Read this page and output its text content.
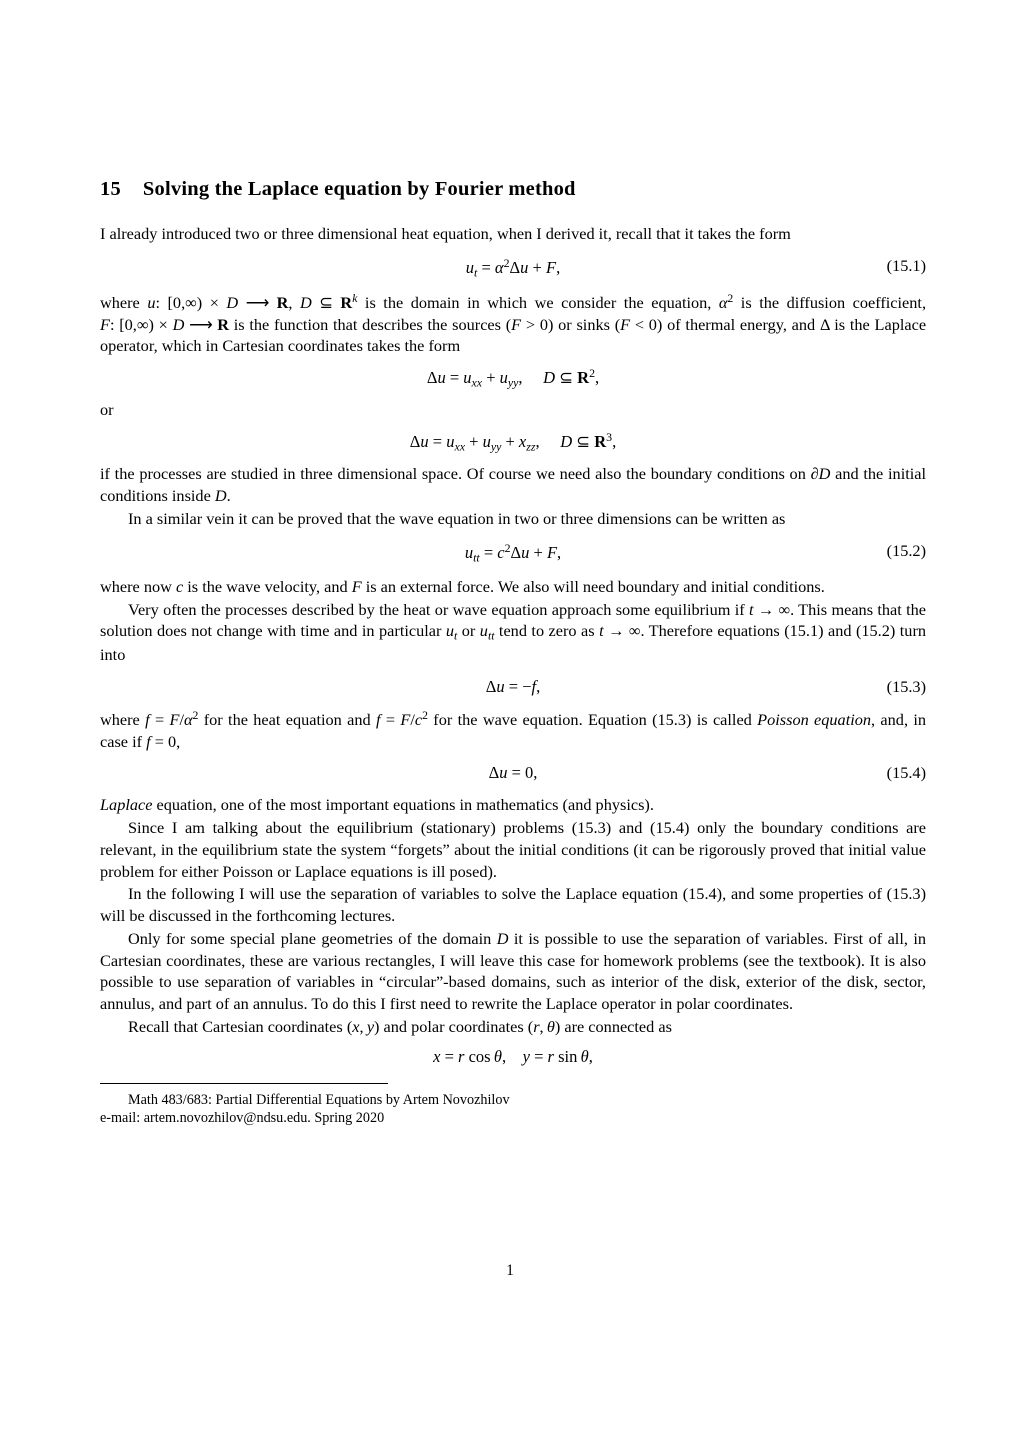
15 Solving the Laplace equation by Fourier method

I already introduced two or three dimensional heat equation, when I derived it, recall that it takes the form

$u_t = \alpha^2\Delta u + F$,	(15.1)

where u: [0,∞) × D ⟶ R, D ⊆ $R^k$ is the domain in which we consider the equation, $\alpha^2$ is the diffusion coefficient, F: [0,∞) × D ⟶ R is the function that describes the sources (F > 0) or sinks (F < 0) of thermal energy, and Δ is the Laplace operator, which in Cartesian coordinates takes the form

$\Delta u = u_{xx} + u_{yy}$,     D ⊆ $R^2$,

or

$\Delta u = u_{xx} + u_{yy} + x_{zz}$,     D ⊆ $R^3$,

if the processes are studied in three dimensional space. Of course we need also the boundary conditions on ∂D and the initial conditions inside D.

In a similar vein it can be proved that the wave equation in two or three dimensions can be written as

$u_{tt} = c^2\Delta u + F$,	(15.2)

where now c is the wave velocity, and F is an external force. We also will need boundary and initial conditions.

Very often the processes described by the heat or wave equation approach some equilibrium if t → ∞. This means that the solution does not change with time and in particular $u_t$ or $u_{tt}$ tend to zero as t → ∞. Therefore equations (15.1) and (15.2) turn into

Δu = −f,	(15.3)

where $f = F/\alpha^2$ for the heat equation and $f = F/c^2$ for the wave equation. Equation (15.3) is called Poisson equation, and, in case if f = 0,

Δu = 0,	(15.4)

Laplace equation, one of the most important equations in mathematics (and physics).

Since I am talking about the equilibrium (stationary) problems (15.3) and (15.4) only the boundary conditions are relevant, in the equilibrium state the system “forgets” about the initial conditions (it can be rigorously proved that initial value problem for either Poisson or Laplace equations is ill posed).

In the following I will use the separation of variables to solve the Laplace equation (15.4), and some properties of (15.3) will be discussed in the forthcoming lectures.

Only for some special plane geometries of the domain D it is possible to use the separation of variables. First of all, in Cartesian coordinates, these are various rectangles, I will leave this case for homework problems (see the textbook). It is also possible to use separation of variables in “circular”-based domains, such as interior of the disk, exterior of the disk, sector, annulus, and part of an annulus. To do this I first need to rewrite the Laplace operator in polar coordinates.

Recall that Cartesian coordinates (x, y) and polar coordinates (r, θ) are connected as

x = r cos θ,    y = r sin θ,
Math 483/683: Partial Differential Equations by Artem Novozhilov
e-mail: artem.novozhilov@ndsu.edu. Spring 2020
1
